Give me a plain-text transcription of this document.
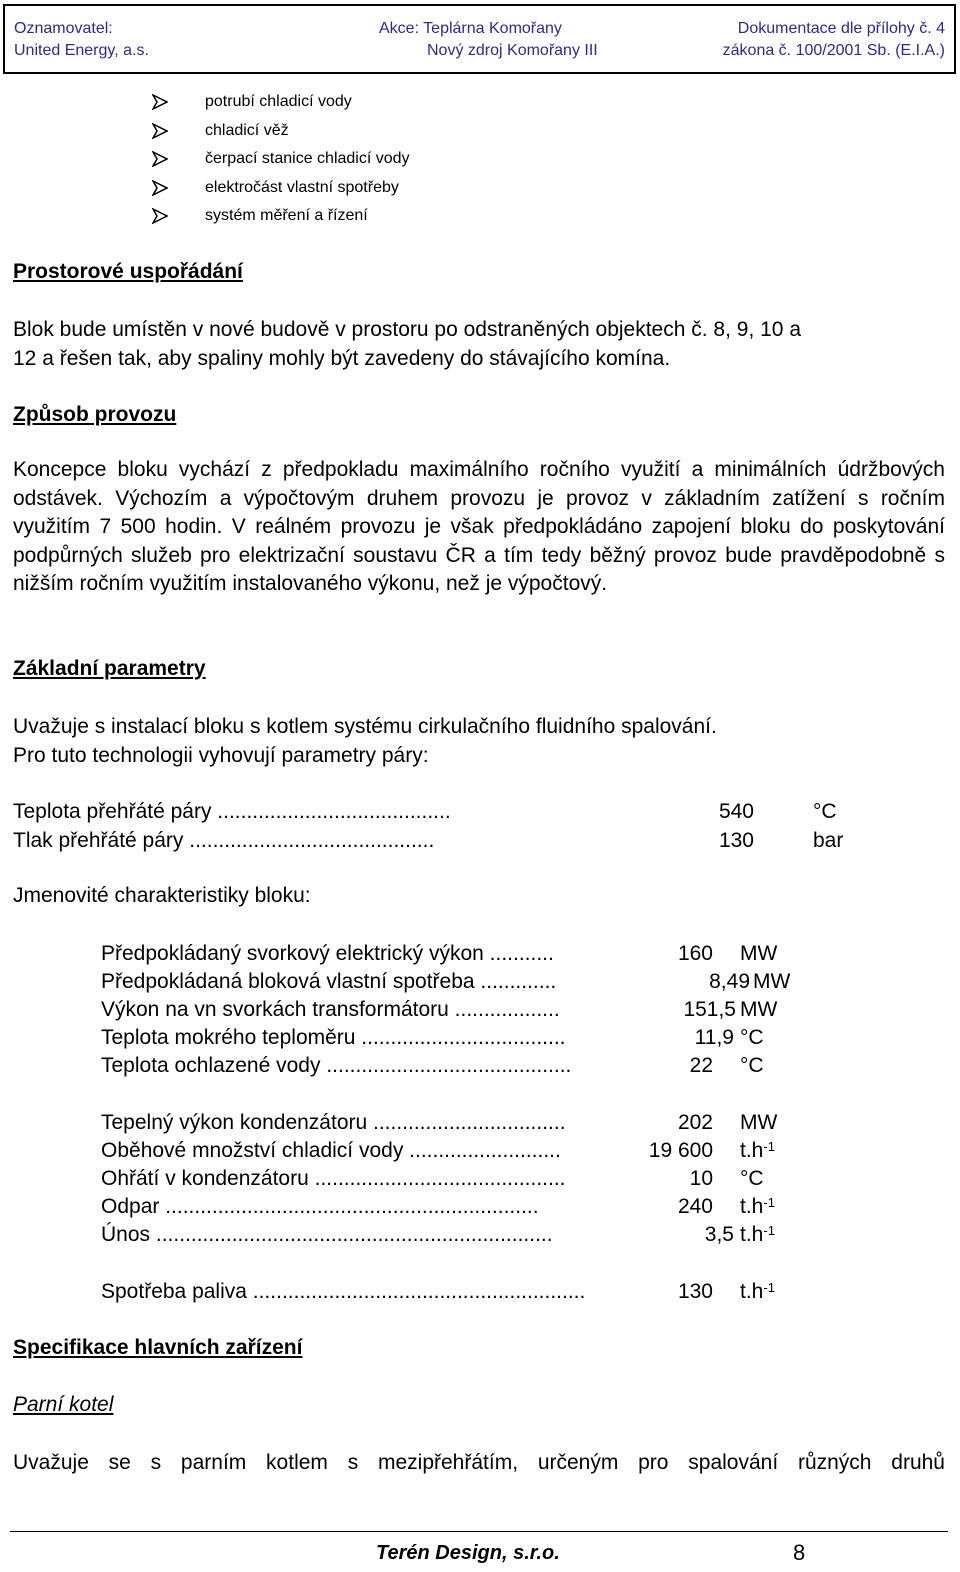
Oznamovatel:
United Energy, a.s.
Akce: Teplárna Komořany
Nový zdroj Komořany III
Dokumentace dle přílohy č. 4
zákona č. 100/2001 Sb. (E.I.A.)
potrubí chladicí vody
chladicí věž
čerpací stanice chladicí vody
elektročást vlastní spotřeby
systém měření a řízení
Prostorové uspořádání
Blok bude umístěn v nové budově v prostoru po odstraněných objektech č. 8, 9, 10 a
12 a řešen tak, aby spaliny mohly být zavedeny do stávajícího komína.
Způsob provozu
Koncepce bloku vychází z předpokladu maximálního ročního využití a minimálních údržbových odstávek. Výchozím a výpočtovým druhem provozu je provoz v základním zatížení s ročním využitím 7 500 hodin. V reálném provozu je však předpokládáno zapojení bloku do poskytování podpůrných služeb pro elektrizační soustavu ČR a tím tedy běžný provoz bude pravděpodobně s nižším ročním využitím instalovaného výkonu, než je výpočtový.
Základní parametry
Uvažuje s instalací bloku s kotlem systému cirkulačního fluidního spalování.
Pro tuto technologii vyhovují parametry páry:
Teplota přehřáté páry ........................................	540	°C
Tlak přehřáté páry ..........................................	130	bar
Jmenovité charakteristiky bloku:
Předpokládaný svorkový elektrický výkon ...........	160 MW
Předpokládaná bloková vlastní spotřeba .............	8,49 MW
Výkon na vn svorkách transformátoru ..................	151,5 MW
Teplota mokrého teploměru ...................................	11,9 °C
Teplota ochlazené vody ..........................................	22 °C
Tepelný výkon kondenzátoru .................................	202 MW
Oběhové množství chladicí vody ..........................	19 600 $t.h^{-1}$
Ohřátí v kondenzátoru ...........................................	10 °C
Odpar ................................................................	240 $t.h^{-1}$
Únos ....................................................................	3,5 $t.h^{-1}$
Spotřeba paliva .........................................................	130 $t.h^{-1}$
Specifikace hlavních zařízení
Parní kotel
Uvažuje se s parním kotlem s mezipřehřátím, určeným pro spalování různých druhů
Terén Design, s.r.o.	8
